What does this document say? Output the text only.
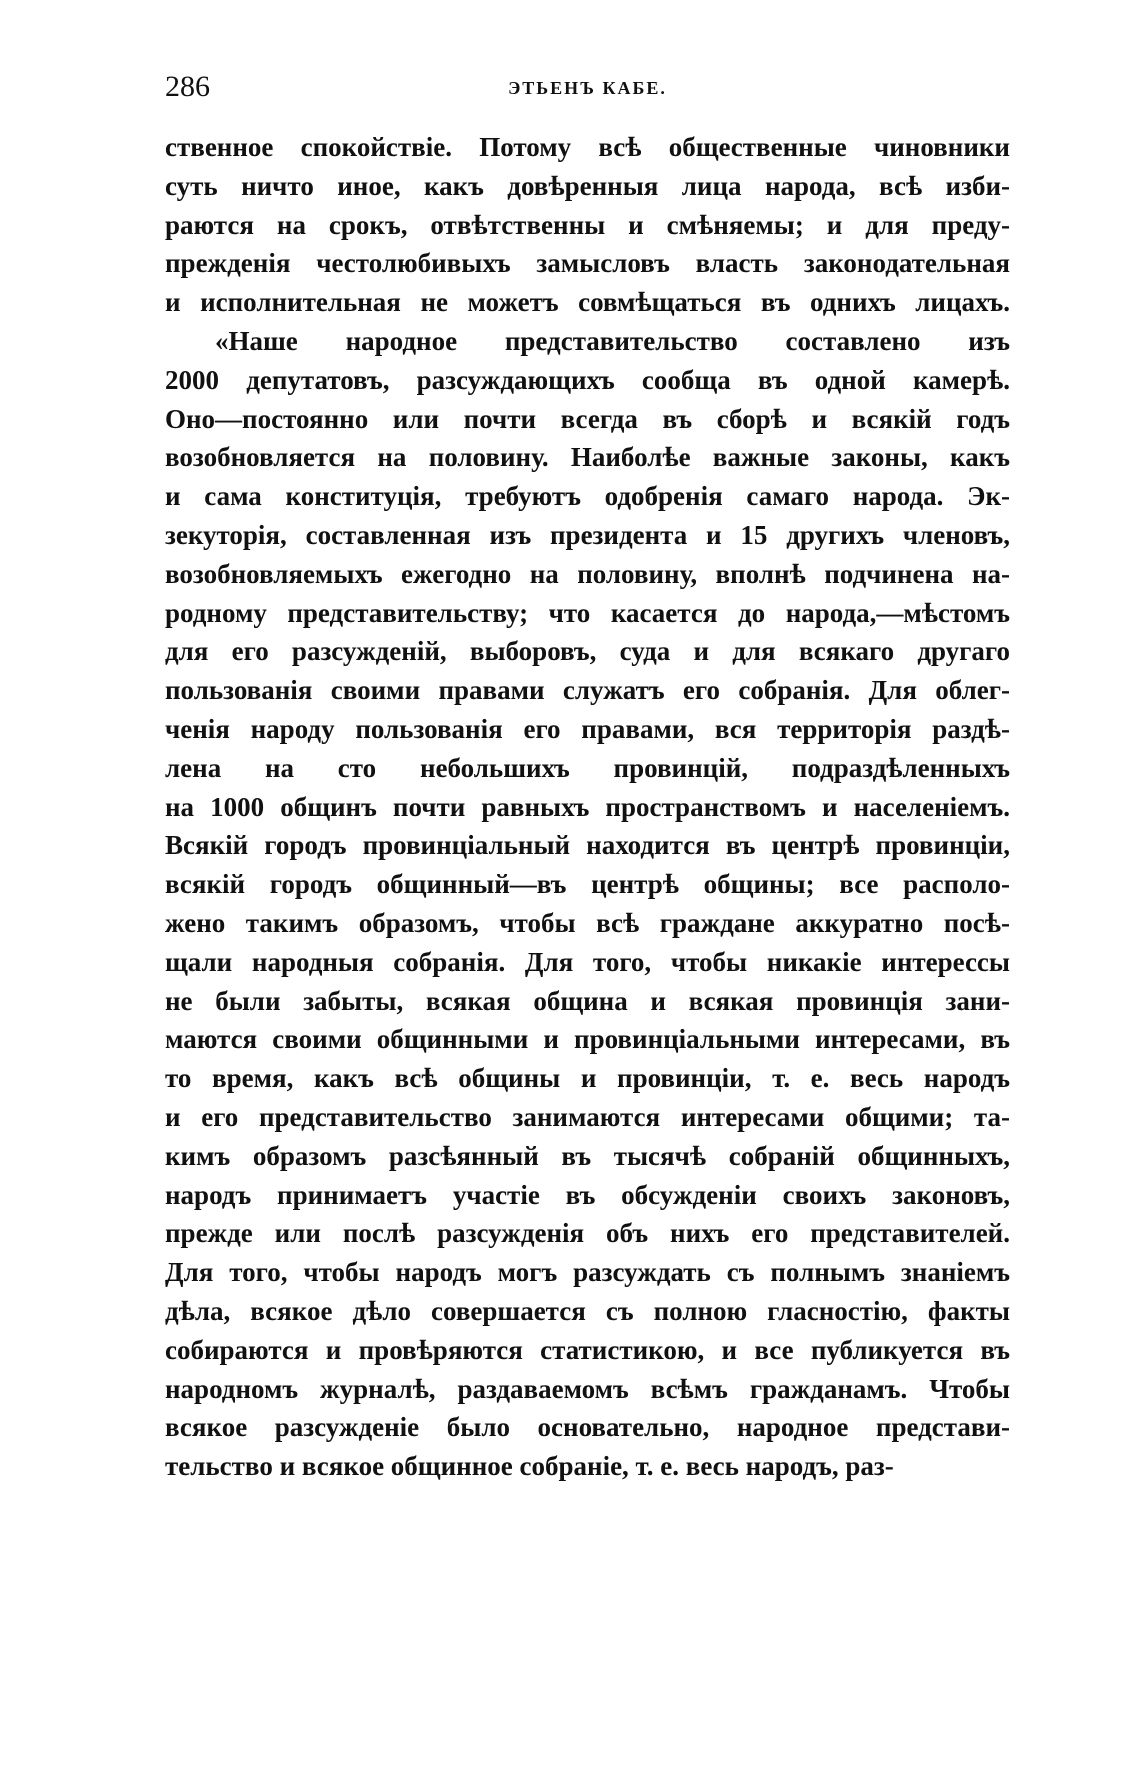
286	ЭТЬЕНЪ КАБЕ.
ственное спокойствіе. Потому всѣ общественные чиновники
суть ничто иное, какъ довѣренныя лица народа, всѣ изби-
раются на срокъ, отвѣтственны и смѣняемы; и для преду-
прежденія честолюбивыхъ замысловъ власть законодательная
и исполнительная не можетъ совмѣщаться въ однихъ лицахъ.
«Наше народное представительство составлено изъ
2000 депутатовъ, разсуждающихъ сообща въ одной камерѣ.
Оно—постоянно или почти всегда въ сборѣ и всякій годъ
возобновляется на половину. Наиболѣе важные законы, какъ
и сама конституція, требуютъ одобренія самаго народа. Эк-
зекуторія, составленная изъ президента и 15 другихъ членовъ,
возобновляемыхъ ежегодно на половину, вполнѣ подчинена на-
родному представительству; что касается до народа,—мѣстомъ
для его разсужденій, выборовъ, суда и для всякаго другаго
пользованія своими правами служатъ его собранія. Для облег-
ченія народу пользованія его правами, вся территорія раздѣ-
лена на сто небольшихъ провинцій, подраздѣленныхъ
на 1000 общинъ почти равныхъ пространствомъ и населеніемъ.
Всякій городъ провинціальный находится въ центрѣ провинціи,
всякій городъ общинный—въ центрѣ общины; все располо-
жено такимъ образомъ, чтобы всѣ граждане аккуратно посѣ-
щали народныя собранія. Для того, чтобы никакіе интерессы
не были забыты, всякая община и всякая провинція зани-
маются своими общинными и провинціальными интересами, въ
то время, какъ всѣ общины и провинціи, т. е. весь народъ
и его представительство занимаются интересами общими; та-
кимъ образомъ разсѣянный въ тысячѣ собраній общинныхъ,
народъ принимаетъ участіе въ обсужденіи своихъ законовъ,
прежде или послѣ разсужденія объ нихъ его представителей.
Для того, чтобы народъ могъ разсуждать съ полнымъ знаніемъ
дѣла, всякое дѣло совершается съ полною гласностію, факты
собираются и провѣряются статистикою, и все публикуется въ
народномъ журналѣ, раздаваемомъ всѣмъ гражданамъ. Чтобы
всякое разсужденіе было основательно, народное представи-
тельство и всякое общинное собраніе, т. е. весь народъ, раз-
